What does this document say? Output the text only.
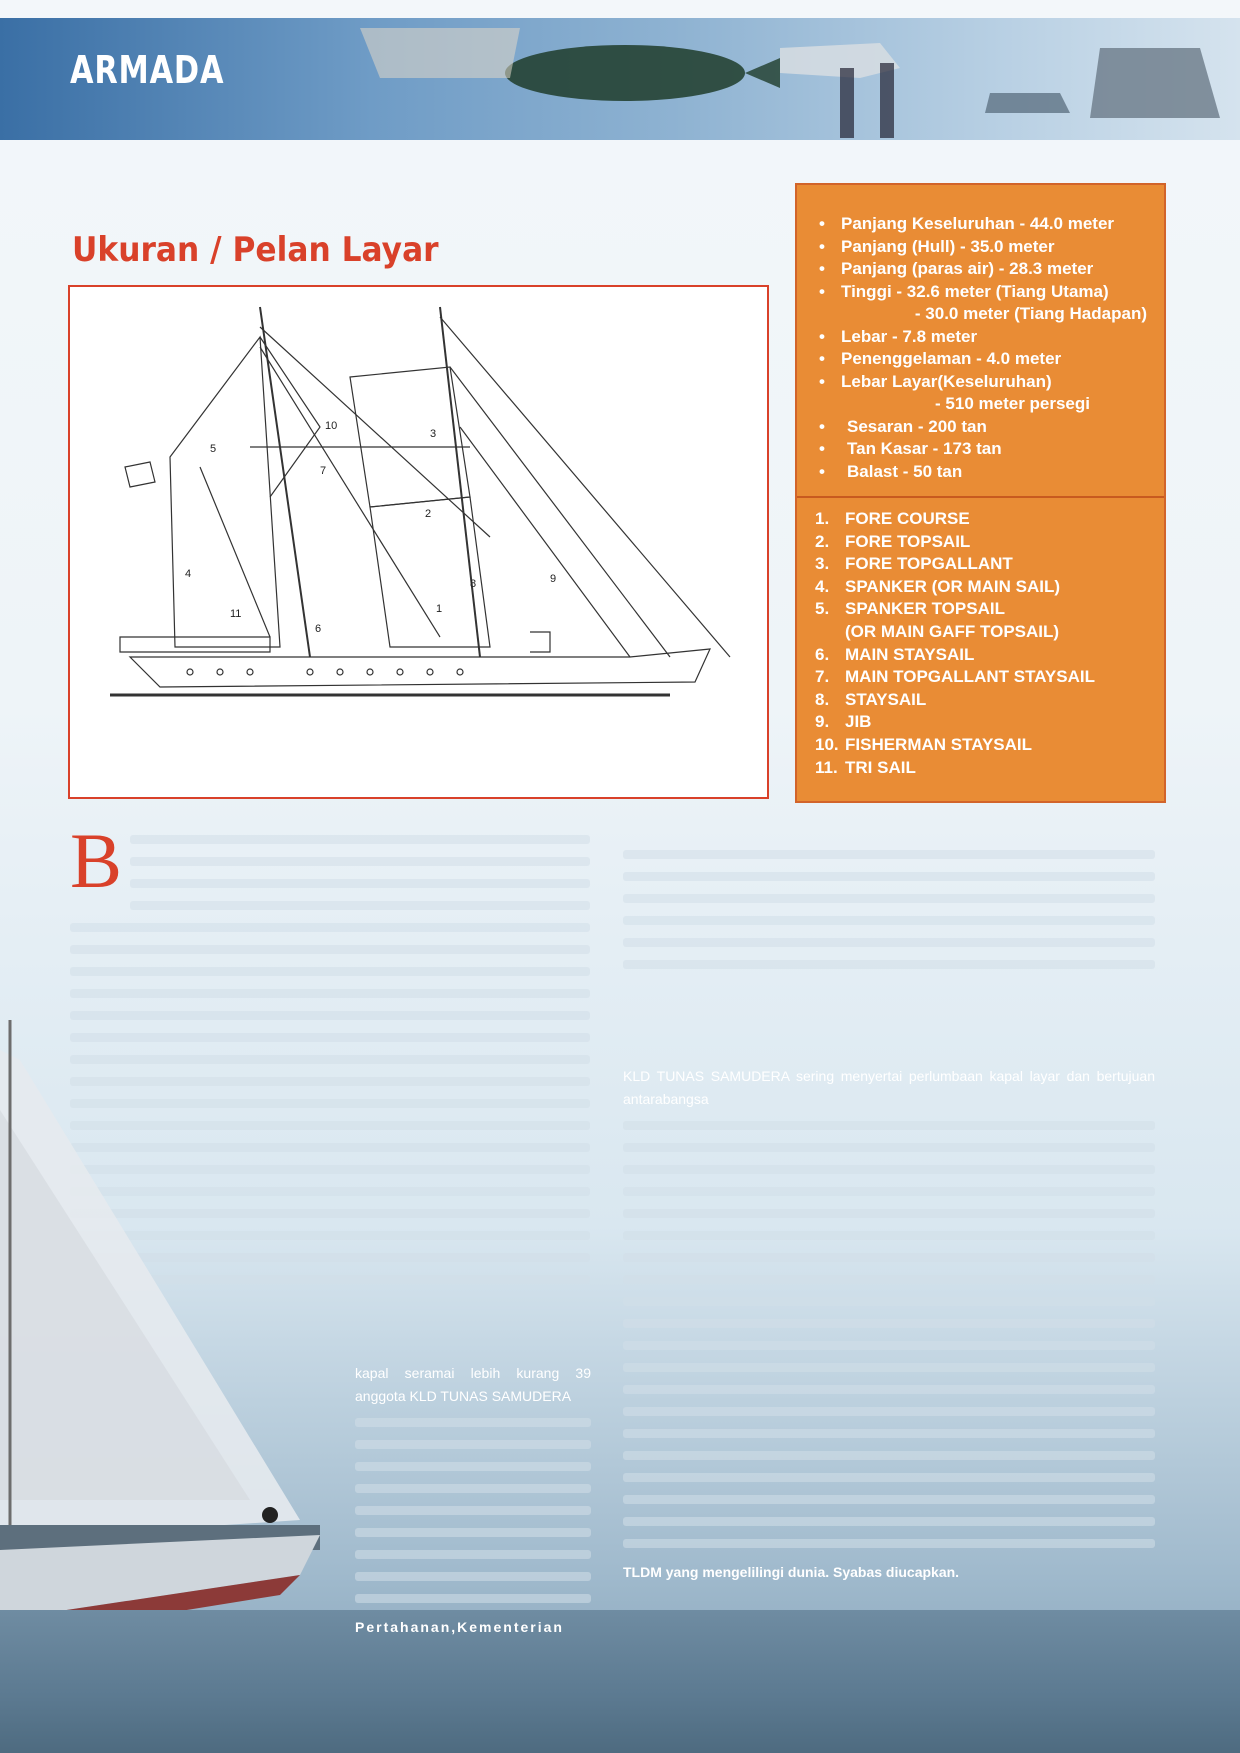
ARMADA
Ukuran / Pelan Layar
10
3
5
7
2
4
8	9
1
11
6
• Panjang Keseluruhan - 44.0 meter
• Panjang (Hull) - 35.0 meter
• Panjang (paras air) - 28.3 meter
• Tinggi - 32.6 meter (Tiang Utama)
- 30.0 meter (Tiang Hadapan)
• Lebar - 7.8 meter
• Penenggelaman - 4.0 meter
• Lebar Layar(Keseluruhan)
- 510 meter persegi
• Sesaran - 200 tan
• Tan Kasar - 173 tan
• Balast - 50 tan
1. FORE COURSE
2. FORE TOPSAIL
3. FORE TOPGALLANT
4. SPANKER (OR MAIN SAIL)
5. SPANKER TOPSAIL
(OR MAIN GAFF TOPSAIL)
6. MAIN STAYSAIL
7. MAIN TOPGALLANT STAYSAIL
8. STAYSAIL
9. JIB
10. FISHERMAN STAYSAIL
11. TRI SAIL
B
kapal seramai lebih kurang 39 anggota KLD TUNAS SAMUDERA
Pertahanan,Kementerian
KLD TUNAS SAMUDERA sering menyertai perlumbaan kapal layar dan bertujuan antarabangsa
TLDM yang mengelilingi dunia. Syabas diucapkan.
